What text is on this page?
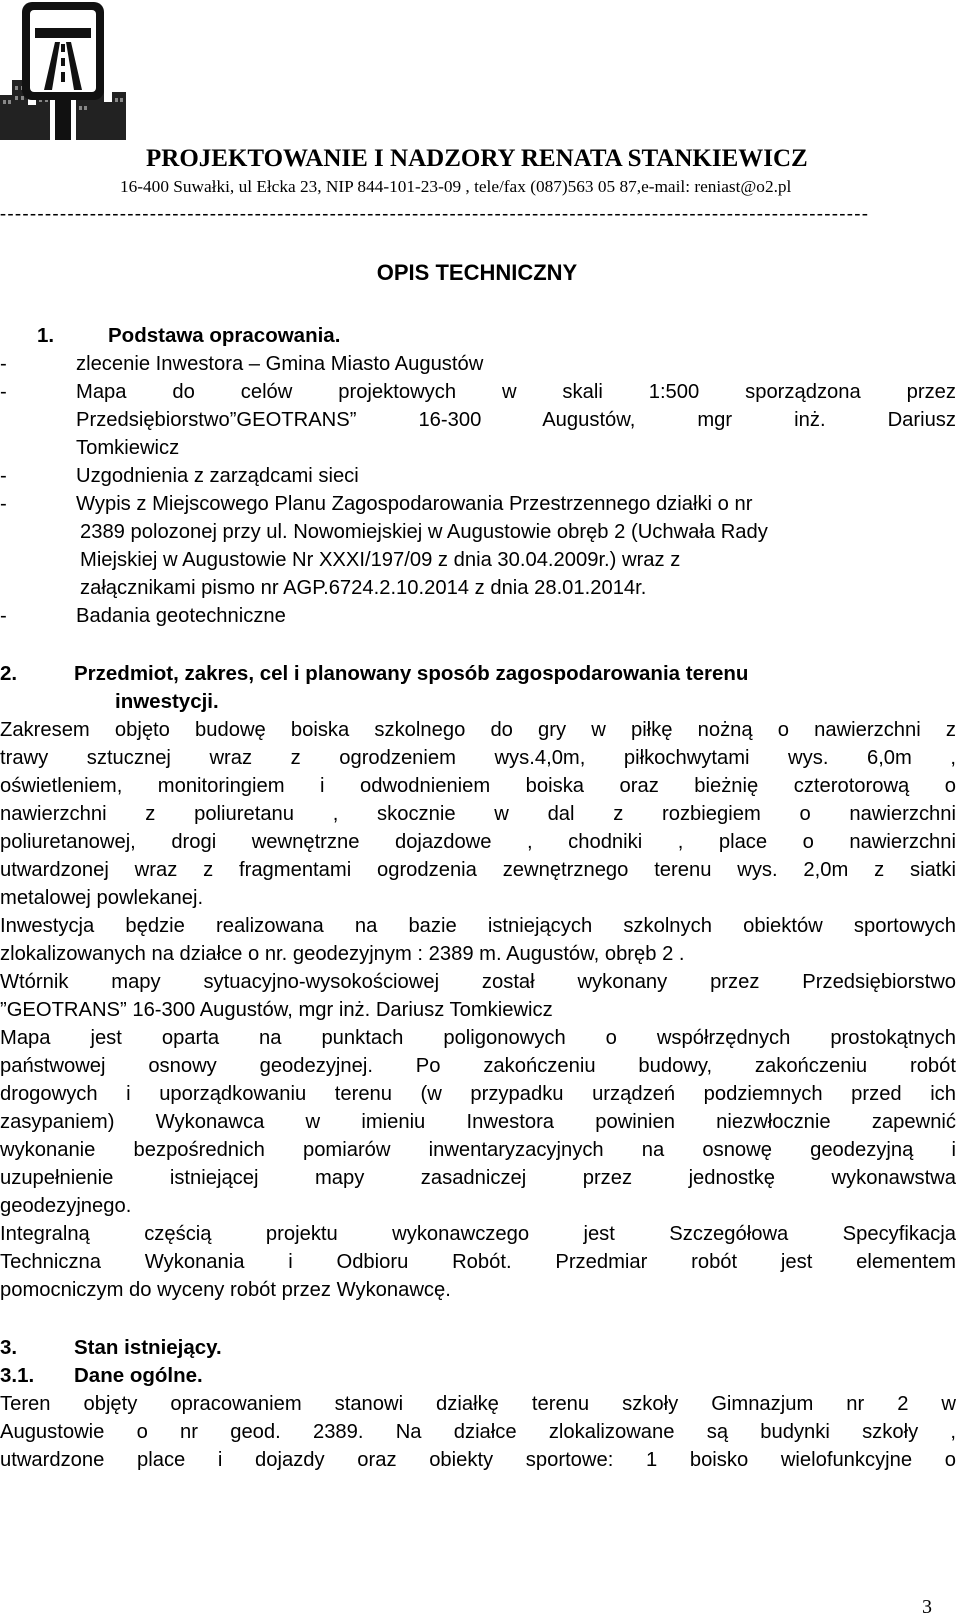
PROJEKTOWANIE I NADZORY RENATA STANKIEWICZ
16-400 Suwałki, ul Ełcka 23, NIP 844-101-23-09 , tele/fax (087)563 05 87,e-mail: reniast@o2.pl
--------------------------------------------------------------------------------------------------------------------
OPIS TECHNICZNY
1.	Podstawa opracowania.
-	zlecenie Inwestora – Gmina Miasto Augustów
-	Mapa do celów projektowych w skali 1:500 sporządzona przez
Przedsiębiorstwo”GEOTRANS” 16-300 Augustów, mgr inż. Dariusz
Tomkiewicz
-	Uzgodnienia z zarządcami sieci
-	Wypis z Miejscowego Planu Zagospodarowania Przestrzennego działki o nr
2389 polozonej przy ul. Nowomiejskiej w Augustowie obręb 2 (Uchwała Rady
Miejskiej w Augustowie Nr XXXI/197/09 z dnia 30.04.2009r.) wraz z
załącznikami pismo nr AGP.6724.2.10.2014 z dnia 28.01.2014r.
-	Badania geotechniczne
2.	Przedmiot, zakres, cel i planowany sposób zagospodarowania terenu
inwestycji.
Zakresem objęto budowę boiska szkolnego do gry w piłkę nożną o nawierzchni z
trawy sztucznej wraz z ogrodzeniem wys.4,0m, piłkochwytami wys. 6,0m ,
oświetleniem, monitoringiem i odwodnieniem boiska oraz bieżnię czterotorową o
nawierzchni z poliuretanu , skocznie w dal z rozbiegiem o nawierzchni
poliuretanowej, drogi wewnętrzne dojazdowe , chodniki , place o nawierzchni
utwardzonej wraz z fragmentami ogrodzenia zewnętrznego terenu wys. 2,0m z siatki
metalowej powlekanej.
Inwestycja będzie realizowana na bazie istniejących szkolnych obiektów sportowych
zlokalizowanych na działce o nr. geodezyjnym : 2389 m. Augustów, obręb 2 .
Wtórnik mapy sytuacyjno-wysokościowej został wykonany przez Przedsiębiorstwo
”GEOTRANS” 16-300 Augustów, mgr inż. Dariusz Tomkiewicz
Mapa jest oparta na punktach poligonowych o współrzędnych prostokątnych
państwowej osnowy geodezyjnej. Po zakończeniu budowy, zakończeniu robót
drogowych i uporządkowaniu terenu (w przypadku urządzeń podziemnych przed ich
zasypaniem) Wykonawca w imieniu Inwestora powinien niezwłocznie zapewnić
wykonanie bezpośrednich pomiarów inwentaryzacyjnych na osnowę geodezyjną i
uzupełnienie istniejącej mapy zasadniczej przez jednostkę wykonawstwa
geodezyjnego.
Integralną częścią projektu wykonawczego jest Szczegółowa Specyfikacja
Techniczna Wykonania i Odbioru Robót. Przedmiar robót jest elementem
pomocniczym do wyceny robót przez Wykonawcę.
3.	Stan istniejący.
3.1. Dane ogólne.
Teren objęty opracowaniem stanowi działkę terenu szkoły Gimnazjum nr 2 w
Augustowie o nr geod. 2389. Na działce zlokalizowane są budynki szkoły ,
utwardzone place i dojazdy oraz obiekty sportowe: 1 boisko wielofunkcyjne o
3
